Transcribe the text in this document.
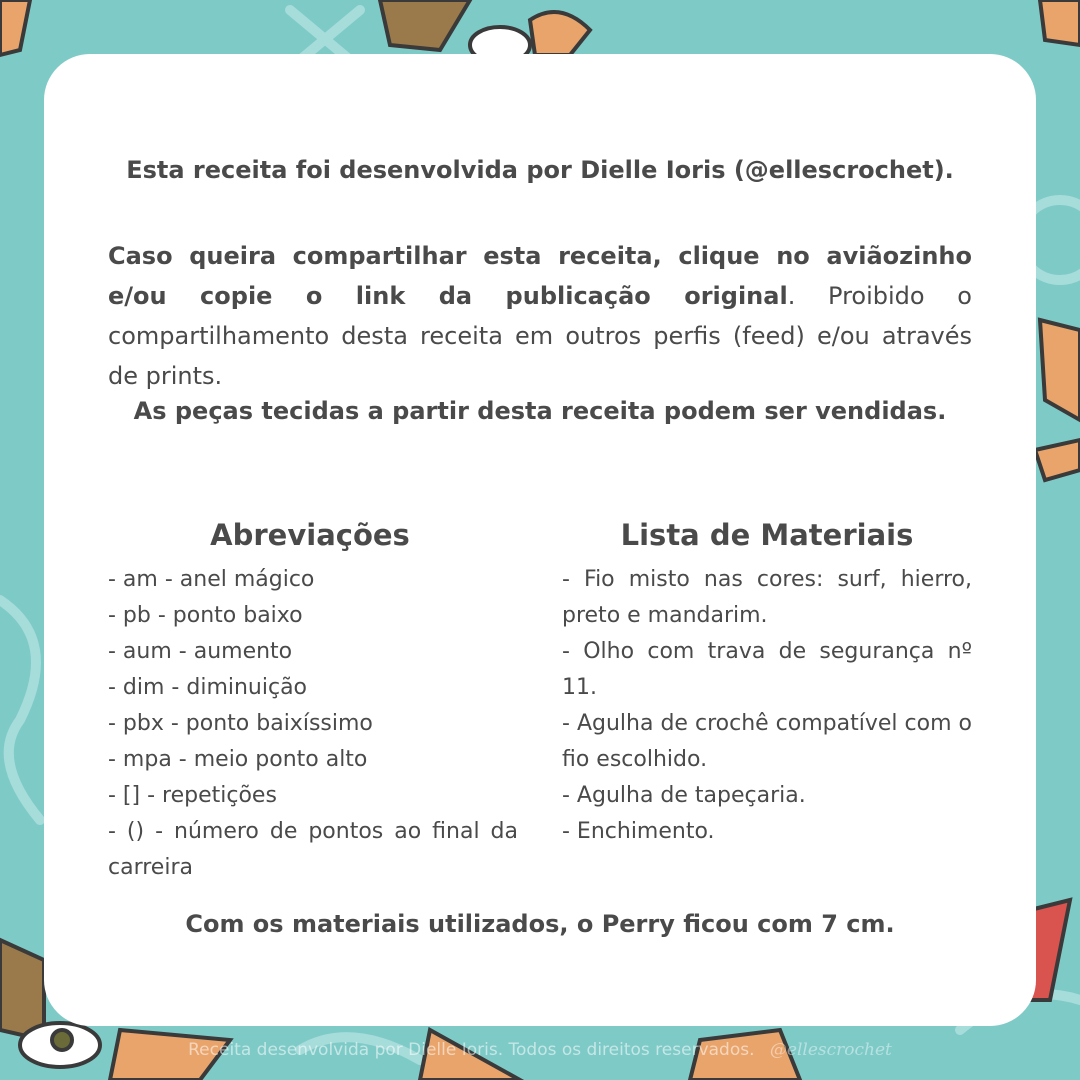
Esta receita foi desenvolvida por Dielle Ioris (@ellescrochet).
Caso queira compartilhar esta receita, clique no aviãozinho e/ou copie o link da publicação original. Proibido o compartilhamento desta receita em outros perfis (feed) e/ou através de prints.
As peças tecidas a partir desta receita podem ser vendidas.
Abreviações
- am - anel mágico
- pb - ponto baixo
- aum - aumento
- dim - diminuição
- pbx - ponto baixíssimo
- mpa - meio ponto alto
- [] - repetições
- () - número de pontos ao final da carreira
Lista de Materiais
- Fio misto nas cores: surf, hierro, preto e mandarim.
- Olho com trava de segurança nº 11.
- Agulha de crochê compatível com o fio escolhido.
- Agulha de tapeçaria.
- Enchimento.
Com os materiais utilizados, o Perry ficou com 7 cm.
Receita desenvolvida por Dielle Ioris. Todos os direitos reservados. @ellescrochet
